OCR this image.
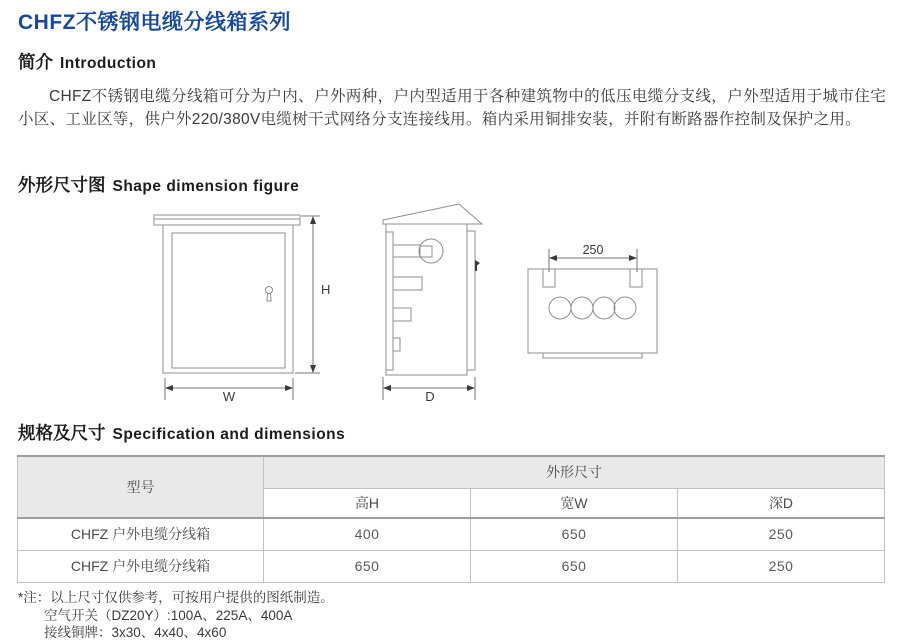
CHFZ不锈钢电缆分线箱系列
简介 Introduction

CHFZ不锈钢电缆分线箱可分为户内、户外两种，户内型适用于各种建筑物中的低压电缆分支线，户外型适用于城市住宅小区、工业区等，供户外220/380V电缆树干式网络分支连接线用。箱内采用铜排安装，并附有断路器作控制及保护之用。

外形尺寸图 Shape dimension figure
H
W	D
250
规格及尺寸 Specification and dimensions
型号	外形尺寸		
	高H	宽W	深D
CHFZ 户外电缆分线箱	400	650	250
CHFZ 户外电缆分线箱	650	650	250
*注：以上尺寸仅供参考，可按用户提供的图纸制造。
空气开关（DZ20Y）:100A、225A、400A
接线铜牌：3x30、4x40、4x60
